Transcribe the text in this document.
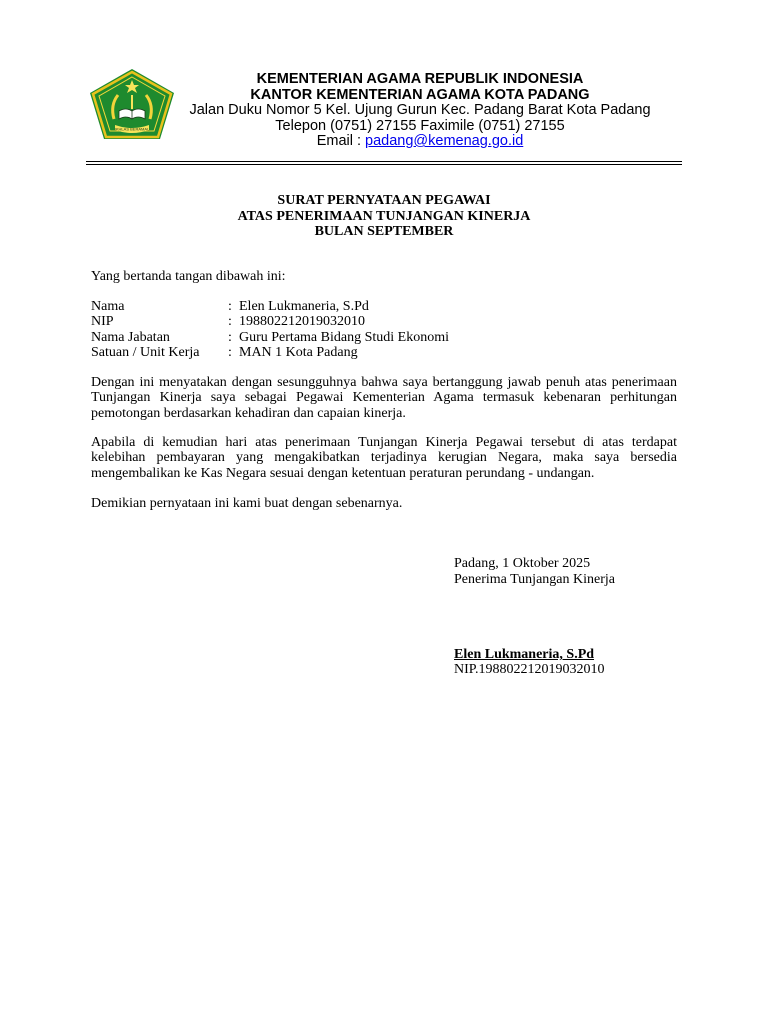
IKHLAS BERAMAL
KEMENTERIAN AGAMA REPUBLIK INDONESIA
KANTOR KEMENTERIAN AGAMA KOTA PADANG
Jalan Duku Nomor 5 Kel. Ujung Gurun Kec. Padang Barat Kota Padang
Telepon (0751) 27155 Faximile (0751) 27155
Email : padang@kemenag.go.id
SURAT PERNYATAAN PEGAWAI
ATAS PENERIMAAN TUNJANGAN KINERJA
BULAN SEPTEMBER
Yang bertanda tangan dibawah ini:
Nama	:	Elen Lukmaneria, S.Pd
NIP	:	198802212019032010
Nama Jabatan	:	Guru Pertama Bidang Studi Ekonomi
Satuan / Unit Kerja	:	MAN 1 Kota Padang
Dengan ini menyatakan dengan sesungguhnya bahwa saya bertanggung jawab penuh atas penerimaan Tunjangan Kinerja saya sebagai Pegawai Kementerian Agama termasuk kebenaran perhitungan pemotongan berdasarkan kehadiran dan capaian kinerja.
Apabila di kemudian hari atas penerimaan Tunjangan Kinerja Pegawai tersebut di atas terdapat kelebihan pembayaran yang mengakibatkan terjadinya kerugian Negara, maka saya bersedia mengembalikan ke Kas Negara sesuai dengan ketentuan peraturan perundang - undangan.
Demikian pernyataan ini kami buat dengan sebenarnya.
Padang, 1 Oktober 2025
Penerima Tunjangan Kinerja
Elen Lukmaneria, S.Pd
NIP.198802212019032010
